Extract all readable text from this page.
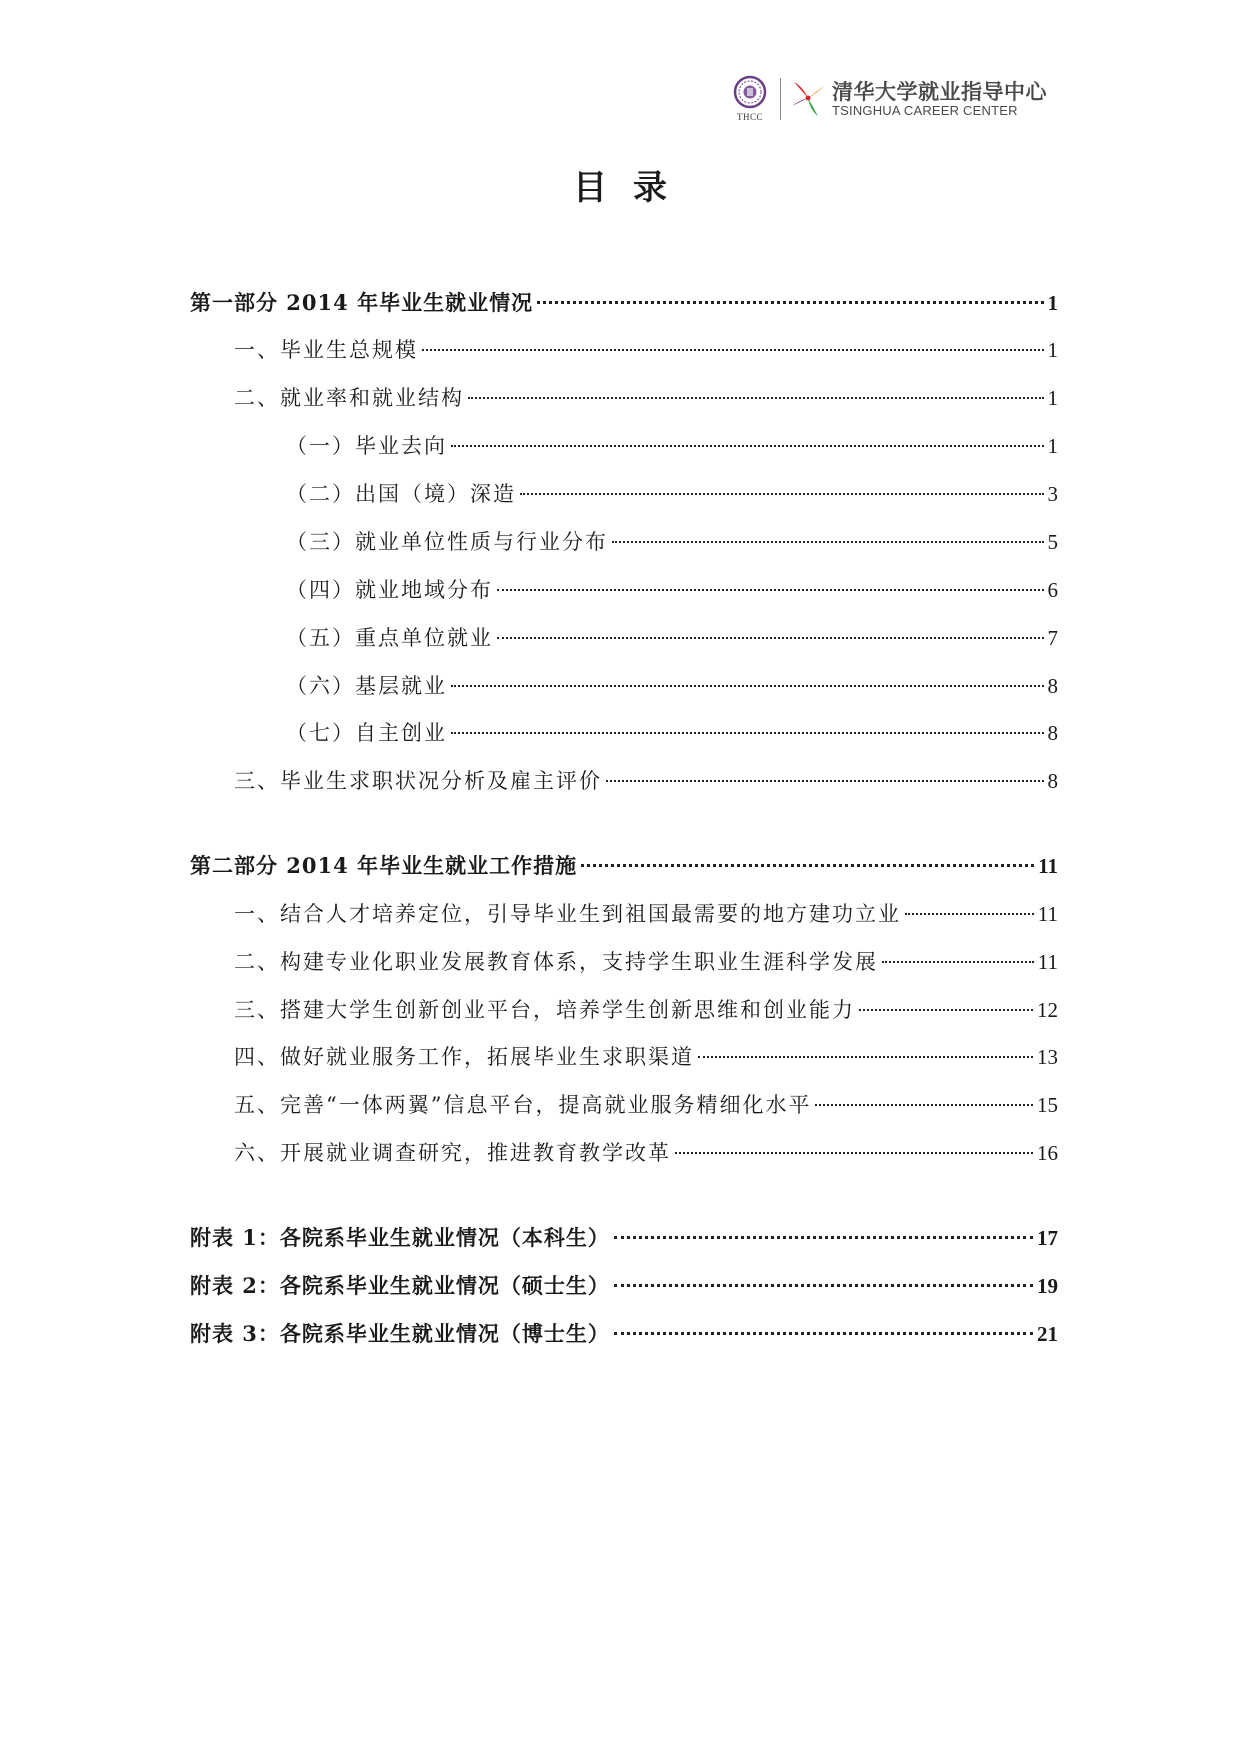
THCC
清华大学就业指导中心
TSINGHUA CAREER CENTER
目录
第一部分 2014 年毕业生就业情况	1
一、毕业生总规模	1
二、就业率和就业结构	1
（一）毕业去向	1
（二）出国（境）深造	3
（三）就业单位性质与行业分布	5
（四）就业地域分布	6
（五）重点单位就业	7
（六）基层就业	8
（七）自主创业	8
三、毕业生求职状况分析及雇主评价	8
第二部分 2014 年毕业生就业工作措施	11
一、结合人才培养定位，引导毕业生到祖国最需要的地方建功立业	11
二、构建专业化职业发展教育体系，支持学生职业生涯科学发展	11
三、搭建大学生创新创业平台，培养学生创新思维和创业能力	12
四、做好就业服务工作，拓展毕业生求职渠道	13
五、完善“一体两翼”信息平台，提高就业服务精细化水平	15
六、开展就业调查研究，推进教育教学改革	16
附表 1：各院系毕业生就业情况（本科生）	17
附表 2：各院系毕业生就业情况（硕士生）	19
附表 3：各院系毕业生就业情况（博士生）	21
